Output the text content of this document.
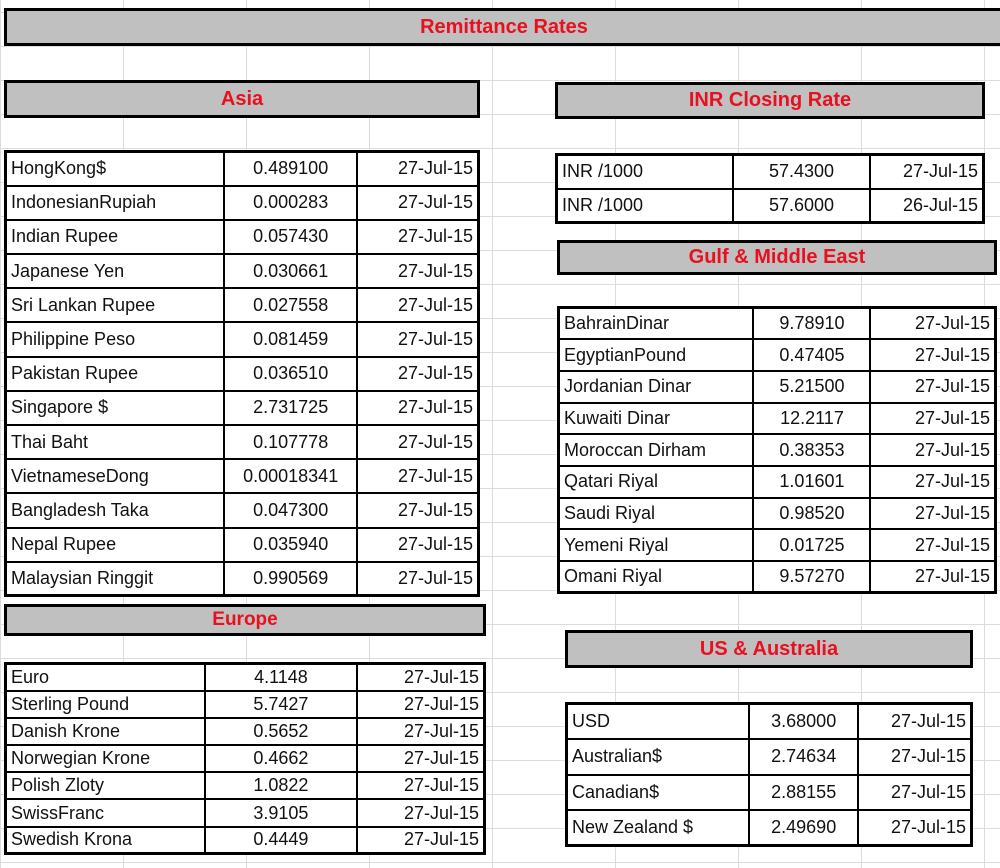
Remittance Rates
Asia
HongKong$	0.489100	27-Jul-15
IndonesianRupiah	0.000283	27-Jul-15
Indian Rupee	0.057430	27-Jul-15
Japanese Yen	0.030661	27-Jul-15
Sri Lankan Rupee	0.027558	27-Jul-15
Philippine Peso	0.081459	27-Jul-15
Pakistan Rupee	0.036510	27-Jul-15
Singapore $	2.731725	27-Jul-15
Thai Baht	0.107778	27-Jul-15
VietnameseDong	0.00018341	27-Jul-15
Bangladesh Taka	0.047300	27-Jul-15
Nepal Rupee	0.035940	27-Jul-15
Malaysian Ringgit	0.990569	27-Jul-15
Europe
Euro	4.1148	27-Jul-15
Sterling Pound	5.7427	27-Jul-15
Danish Krone	0.5652	27-Jul-15
Norwegian Krone	0.4662	27-Jul-15
Polish Zloty	1.0822	27-Jul-15
SwissFranc	3.9105	27-Jul-15
Swedish Krona	0.4449	27-Jul-15
INR Closing Rate
INR /1000	57.4300	27-Jul-15
INR /1000	57.6000	26-Jul-15
Gulf & Middle East
BahrainDinar	9.78910	27-Jul-15
EgyptianPound	0.47405	27-Jul-15
Jordanian Dinar	5.21500	27-Jul-15
Kuwaiti Dinar	12.2117	27-Jul-15
Moroccan Dirham	0.38353	27-Jul-15
Qatari Riyal	1.01601	27-Jul-15
Saudi Riyal	0.98520	27-Jul-15
Yemeni Riyal	0.01725	27-Jul-15
Omani Riyal	9.57270	27-Jul-15
US & Australia
USD	3.68000	27-Jul-15
Australian$	2.74634	27-Jul-15
Canadian$	2.88155	27-Jul-15
New Zealand $	2.49690	27-Jul-15
